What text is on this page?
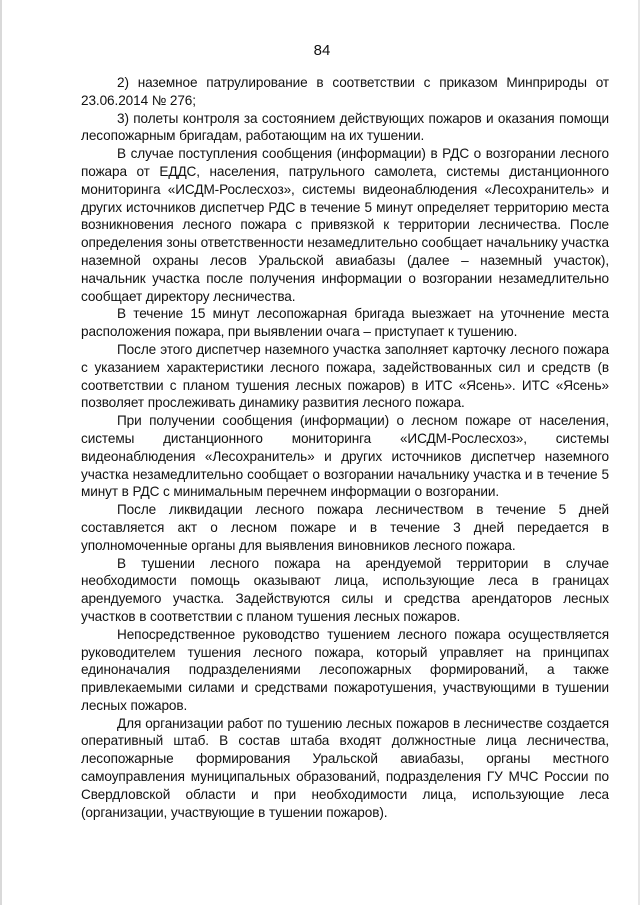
84

2) наземное патрулирование в соответствии с приказом Минприроды от 23.06.2014 № 276;

3) полеты контроля за состоянием действующих пожаров и оказания помощи лесопожарным бригадам, работающим на их тушении.

В случае поступления сообщения (информации) в РДС о возгорании лесного пожара от ЕДДС, населения, патрульного самолета, системы дистанционного мониторинга «ИСДМ-Рослесхоз», системы видеонаблюдения «Лесохранитель» и других источников диспетчер РДС в течение 5 минут определяет территорию места возникновения лесного пожара с привязкой к территории лесничества. После определения зоны ответственности незамедлительно сообщает начальнику участка наземной охраны лесов Уральской авиабазы (далее – наземный участок), начальник участка после получения информации о возгорании незамедлительно сообщает директору лесничества.

В течение 15 минут лесопожарная бригада выезжает на уточнение места расположения пожара, при выявлении очага – приступает к тушению.

После этого диспетчер наземного участка заполняет карточку лесного пожара с указанием характеристики лесного пожара, задействованных сил и средств (в соответствии с планом тушения лесных пожаров) в ИТС «Ясень». ИТС «Ясень» позволяет прослеживать динамику развития лесного пожара.

При получении сообщения (информации) о лесном пожаре от населения, системы дистанционного мониторинга «ИСДМ-Рослесхоз», системы видеонаблюдения «Лесохранитель» и других источников диспетчер наземного участка незамедлительно сообщает о возгорании начальнику участка и в течение 5 минут в РДС с минимальным перечнем информации о возгорании.

После ликвидации лесного пожара лесничеством в течение 5 дней составляется акт о лесном пожаре и в течение 3 дней передается в уполномоченные органы для выявления виновников лесного пожара.

В тушении лесного пожара на арендуемой территории в случае необходимости помощь оказывают лица, использующие леса в границах арендуемого участка. Задействуются силы и средства арендаторов лесных участков в соответствии с планом тушения лесных пожаров.

Непосредственное руководство тушением лесного пожара осуществляется руководителем тушения лесного пожара, который управляет на принципах единоначалия подразделениями лесопожарных формирований, а также привлекаемыми силами и средствами пожаротушения, участвующими в тушении лесных пожаров.

Для организации работ по тушению лесных пожаров в лесничестве создается оперативный штаб. В состав штаба входят должностные лица лесничества, лесопожарные формирования Уральской авиабазы, органы местного самоуправления муниципальных образований, подразделения ГУ МЧС России по Свердловской области и при необходимости лица, использующие леса (организации, участвующие в тушении пожаров).
